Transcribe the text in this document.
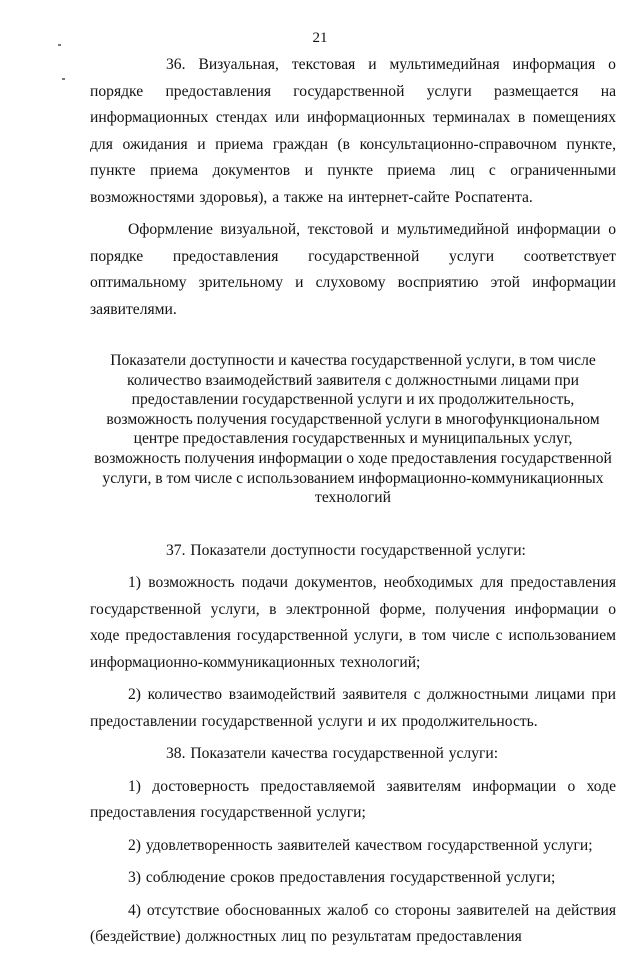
21

36. Визуальная, текстовая и мультимедийная информация о порядке предоставления государственной услуги размещается на информационных стендах или информационных терминалах в помещениях для ожидания и приема граждан (в консультационно-справочном пункте, пункте приема документов и пункте приема лиц с ограниченными возможностями здоровья), а также на интернет-сайте Роспатента.

Оформление визуальной, текстовой и мультимедийной информации о порядке предоставления государственной услуги соответствует оптимальному зрительному и слуховому восприятию этой информации заявителями.

Показатели доступности и качества государственной услуги, в том числе количество взаимодействий заявителя с должностными лицами при предоставлении государственной услуги и их продолжительность, возможность получения государственной услуги в многофункциональном центре предоставления государственных и муниципальных услуг, возможность получения информации о ходе предоставления государственной услуги, в том числе с использованием информационно-коммуникационных технологий

37. Показатели доступности государственной услуги:

1) возможность подачи документов, необходимых для предоставления государственной услуги, в электронной форме, получения информации о ходе предоставления государственной услуги, в том числе с использованием информационно-коммуникационных технологий;

2) количество взаимодействий заявителя с должностными лицами при предоставлении государственной услуги и их продолжительность.

38. Показатели качества государственной услуги:

1) достоверность предоставляемой заявителям информации о ходе предоставления государственной услуги;

2) удовлетворенность заявителей качеством государственной услуги;

3) соблюдение сроков предоставления государственной услуги;

4) отсутствие обоснованных жалоб со стороны заявителей на действия (бездействие) должностных лиц по результатам предоставления
